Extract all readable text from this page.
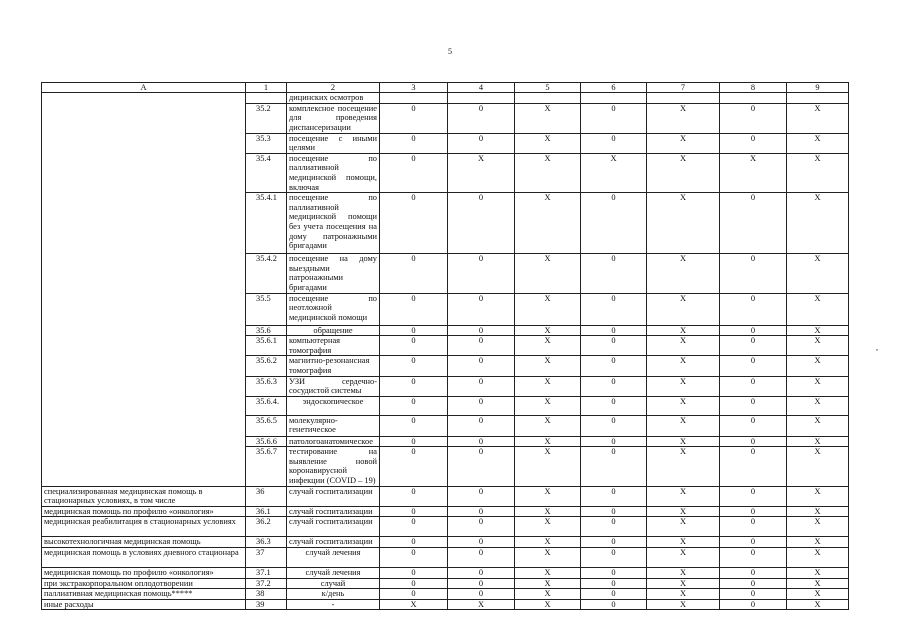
5
,
А	1	2	3	4	5	6	7	8	9
		дицинских осмотров							
	35.2	комплексное посещение для проведения диспансеризации	0	0	Х	0	Х	0	Х
	35.3	посещение с иными целями	0	0	Х	0	Х	0	Х
	35.4	посещение по паллиативной медицинской помощи, включая	0	Х	Х	Х	Х	Х	Х
	35.4.1	посещение по паллиативной медицинской помощи без учета посещения на дому патронажными бригадами	0	0	Х	0	Х	0	Х
	35.4.2	посещение на дому выездными патронажными бригадами	0	0	Х	0	Х	0	Х
	35.5	посещение по неотложной медицинской помощи	0	0	Х	0	Х	0	Х
	35.6	обращение	0	0	Х	0	Х	0	Х
	35.6.1	компьютерная томография	0	0	Х	0	Х	0	Х
	35.6.2	магнитно-резонансная томография	0	0	Х	0	Х	0	Х
	35.6.3	УЗИ сердечно-сосудистой системы	0	0	Х	0	Х	0	Х
	35.6.4.	эндоскопическое	0	0	Х	0	Х	0	Х
	35.6.5	молекулярно-генетическое	0	0	Х	0	Х	0	Х
	35.6.6	патологоанатомическое	0	0	Х	0	Х	0	Х
	35.6.7	тестирование на выявление новой коронавирусной инфекции (COVID – 19)	0	0	Х	0	Х	0	Х
специализированная медицинская помощь в стационарных условиях, в том числе	36	случай госпитализации	0	0	Х	0	Х	0	Х
медицинская помощь по профилю «онкология»	36.1	случай госпитализации	0	0	Х	0	Х	0	Х
медицинская реабилитация в стационарных условиях	36.2	случай госпитализации	0	0	Х	0	Х	0	Х
высокотехнологичная медицинская помощь	36.3	случай госпитализации	0	0	Х	0	Х	0	Х
медицинская помощь в условиях дневного стационара	37	случай лечения	0	0	Х	0	Х	0	Х
медицинская помощь по профилю «онкология»	37.1	случай лечения	0	0	Х	0	Х	0	Х
при экстракорпоральном оплодотворении	37.2	случай	0	0	Х	0	Х	0	Х
паллиативная медицинская помощь*****	38	к/день	0	0	Х	0	Х	0	Х
иные расходы	39	-	Х	Х	Х	0	Х	0	Х
